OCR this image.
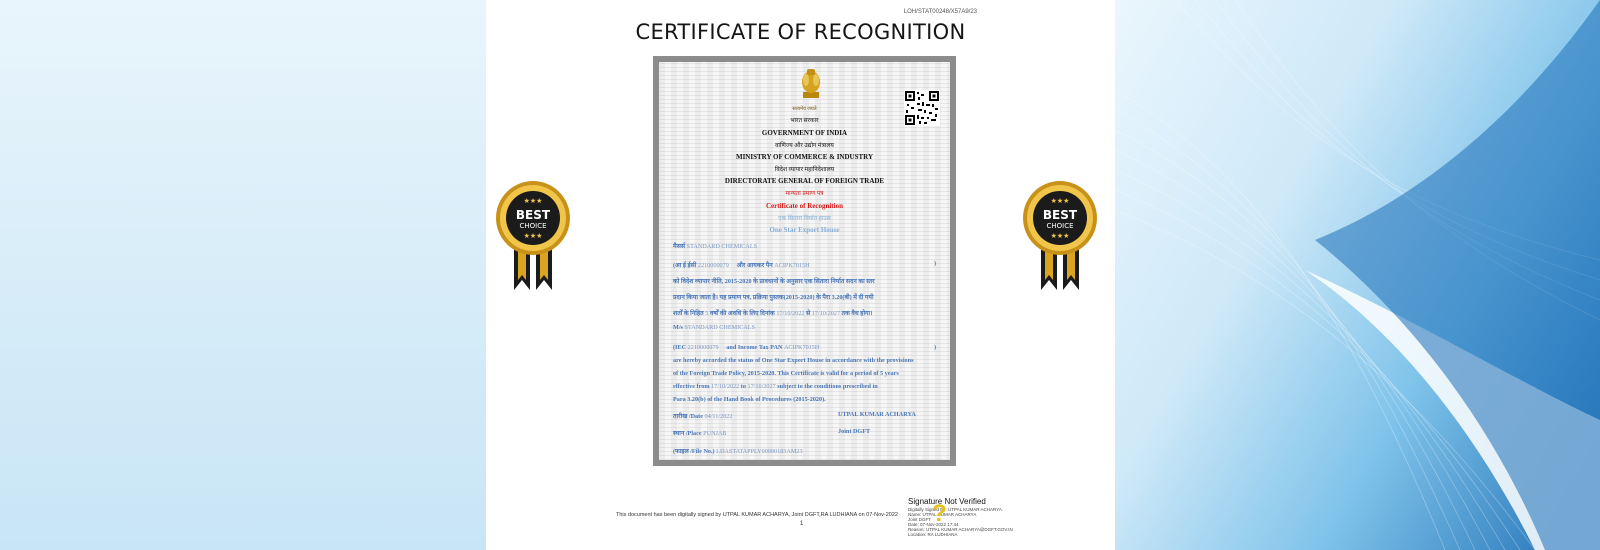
LOH/STAT00248/X57A9/23
CERTIFICATE OF RECOGNITION
सत्यमेव जयते
भारत सरकार
GOVERNMENT OF INDIA
वाणिज्य और उद्योग मंत्रालय
MINISTRY OF COMMERCE & INDUSTRY
विदेश व्यापार महानिदेशालय
DIRECTORATE GENERAL OF FOREIGN TRADE
मान्यता प्रमाण पत्र
Certificate of Recognition
एक सितारा निर्यात हाउस
One Star Export House
मैसर्स STANDARD CHEMICALS
(आ ई ईसी 2210000079 और आयकर पैन ACIPK7015H	)
को विदेश व्यापार नीति, 2015-2020 के प्रावधानों के अनुसार एक सितारा निर्यात सदन का स्तर
प्रदान किया जाता है। यह प्रमाण पत्र, प्रक्रिया पुस्तक(2015-2020) के पैरा 3.20(बी) में दी गयी
शर्तों के निहित 5 वर्षों की अवधि के लिए दिनांक 17/10/2022 से 17/10/2027 तक वैध होगा।
M/s STANDARD CHEMICALS
(IEC 2210000079 and Income Tax PAN ACIPK7015H	)
are hereby accorded the status of One Star Export House in accordance with the provisions
of the Foreign Trade Policy, 2015-2020. This Certificate is valid for a period of 5 years
effective from 17/10/2022 to 17/10/2027 subject to the conditions prescribed in
Para 3.20(b) of the Hand Book of Procedures (2015-2020).
तारीख /Date 04/11/2022	UTPAL KUMAR ACHARYA
स्थान /Place PUNJAB	Joint DGFT
(फाइल /File No.) LDASTATAPPLY00000183AM23
This document has been digitally signed by UTPAL KUMAR ACHARYA, Joint DGFT,RA LUDHIANA on 07-Nov-2022
1
Signature Not Verified
Digitally Signed By: UTPAL KUMAR ACHARYA
Name: UTPAL KUMAR ACHARYA
Joint DGFT
Date: 07-Nov-2022 17:44
Reason: UTPAL KUMAR ACHARYA@DGFT.GOV.IN
Location: RA LUDHIANA
?
★★★
BEST
CHOICE
★★★
★★★
BEST
CHOICE
★★★
